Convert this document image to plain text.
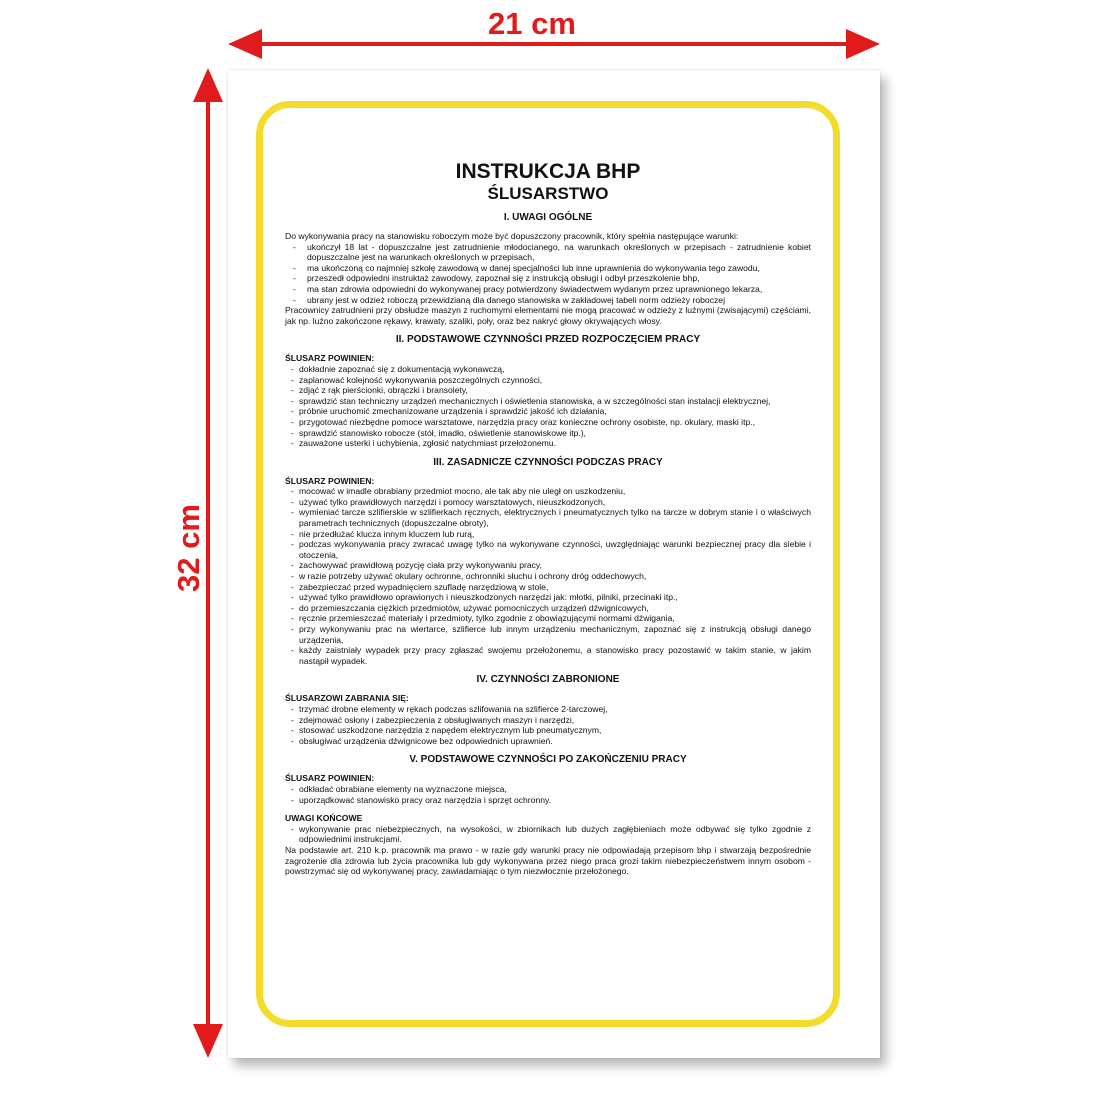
21 cm
32 cm
INSTRUKCJA BHP
ŚLUSARSTWO
I. UWAGI OGÓLNE
Do wykonywania pracy na stanowisku roboczym może być dopuszczony pracownik, który spełnia następujące warunki:
- ukończył 18 lat - dopuszczalne jest zatrudnienie młodocianego, na warunkach określonych w przepisach - zatrudnienie kobiet dopuszczalne jest na warunkach określonych w przepisach,
- ma ukończoną co najmniej szkołę zawodową w danej specjalności lub inne uprawnienia do wykonywania tego zawodu,
- przeszedł odpowiedni instruktaż zawodowy, zapoznał się z instrukcją obsługi i odbył przeszkolenie bhp,
- ma stan zdrowia odpowiedni do wykonywanej pracy potwierdzony świadectwem wydanym przez uprawnionego lekarza,
- ubrany jest w odzież roboczą przewidzianą dla danego stanowiska w zakładowej tabeli norm odzieży roboczej
Pracownicy zatrudnieni przy obsłudze maszyn z ruchomymi elementami nie mogą pracować w odzieży z luźnymi (zwisającymi) częściami, jak np. luźno zakończone rękawy, krawaty, szaliki, poły, oraz bez nakryć głowy okrywających włosy.
II. PODSTAWOWE CZYNNOŚCI PRZED ROZPOCZĘCIEM PRACY
ŚLUSARZ POWINIEN:
- dokładnie zapoznać się z dokumentacją wykonawczą,
- zaplanować kolejność wykonywania poszczególnych czynności,
- zdjąć z rąk pierścionki, obrączki i bransolety,
- sprawdzić stan techniczny urządzeń mechanicznych i oświetlenia stanowiska, a w szczególności stan instalacji elektrycznej,
- próbnie uruchomić zmechanizowane urządzenia i sprawdzić jakość ich działania,
- przygotować niezbędne pomoce warsztatowe, narzędzia pracy oraz konieczne ochrony osobiste, np. okulary, maski itp.,
- sprawdzić stanowisko robocze (stół, imadło, oświetlenie stanowiskowe itp.),
- zauważone usterki i uchybienia, zgłosić natychmiast przełożonemu.
III. ZASADNICZE CZYNNOŚCI PODCZAS PRACY
ŚLUSARZ POWINIEN:
- mocować w imadle obrabiany przedmiot mocno, ale tak aby nie uległ on uszkodzeniu,
- używać tylko prawidłowych narzędzi i pomocy warsztatowych, nieuszkodzonych,
- wymieniać tarcze szlifierskie w szlifierkach ręcznych, elektrycznych i pneumatycznych tylko na tarcze w dobrym stanie i o właściwych parametrach technicznych (dopuszczalne obroty),
- nie przedłużać klucza innym kluczem lub rurą,
- podczas wykonywania pracy zwracać uwagę tylko na wykonywane czynności, uwzględniając warunki bezpiecznej pracy dla siebie i otoczenia,
- zachowywać prawidłową pozycję ciała przy wykonywaniu pracy,
- w razie potrzeby używać okulary ochronne, ochronniki słuchu i ochrony dróg oddechowych,
- zabezpieczać przed wypadnięciem szufladę narzędziową w stole,
- używać tylko prawidłowo oprawionych i nieuszkodzonych narzędzi jak: młotki, pilniki, przecinaki itp.,
- do przemieszczania ciężkich przedmiotów, używać pomocniczych urządzeń dźwignicowych,
- ręcznie przemieszczać materiały i przedmioty, tylko zgodnie z obowiązującymi normami dźwigania,
- przy wykonywaniu prac na wiertarce, szlifierce lub innym urządzeniu mechanicznym, zapoznać się z instrukcją obsługi danego urządzenia,
- każdy zaistniały wypadek przy pracy zgłaszać swojemu przełożonemu, a stanowisko pracy pozostawić w takim stanie, w jakim nastąpił wypadek.
IV. CZYNNOŚCI ZABRONIONE
ŚLUSARZOWI ZABRANIA SIĘ:
- trzymać drobne elementy w rękach podczas szlifowania na szlifierce 2-tarczowej,
- zdejmować osłony i zabezpieczenia z obsługiwanych maszyn i narzędzi,
- stosować uszkodzone narzędzia z napędem elektrycznym lub pneumatycznym,
- obsługiwać urządzenia dźwignicowe bez odpowiednich uprawnień.
V. PODSTAWOWE CZYNNOŚCI PO ZAKOŃCZENIU PRACY
ŚLUSARZ POWINIEN:
- odkładać obrabiane elementy na wyznaczone miejsca,
- uporządkować stanowisko pracy oraz narzędzia i sprzęt ochronny.
UWAGI KOŃCOWE
- wykonywanie prac niebezpiecznych, na wysokości, w zbiornikach lub dużych zagłębieniach może odbywać się tylko zgodnie z odpowiednimi instrukcjami.
Na podstawie art. 210 k.p. pracownik ma prawo - w razie gdy warunki pracy nie odpowiadają przepisom bhp i stwarzają bezpośrednie zagrożenie dla zdrowia lub życia pracownika lub gdy wykonywana przez niego praca grozi takim niebezpieczeństwem innym osobom - powstrzymać się od wykonywanej pracy, zawiadamiając o tym niezwłocznie przełożonego.
